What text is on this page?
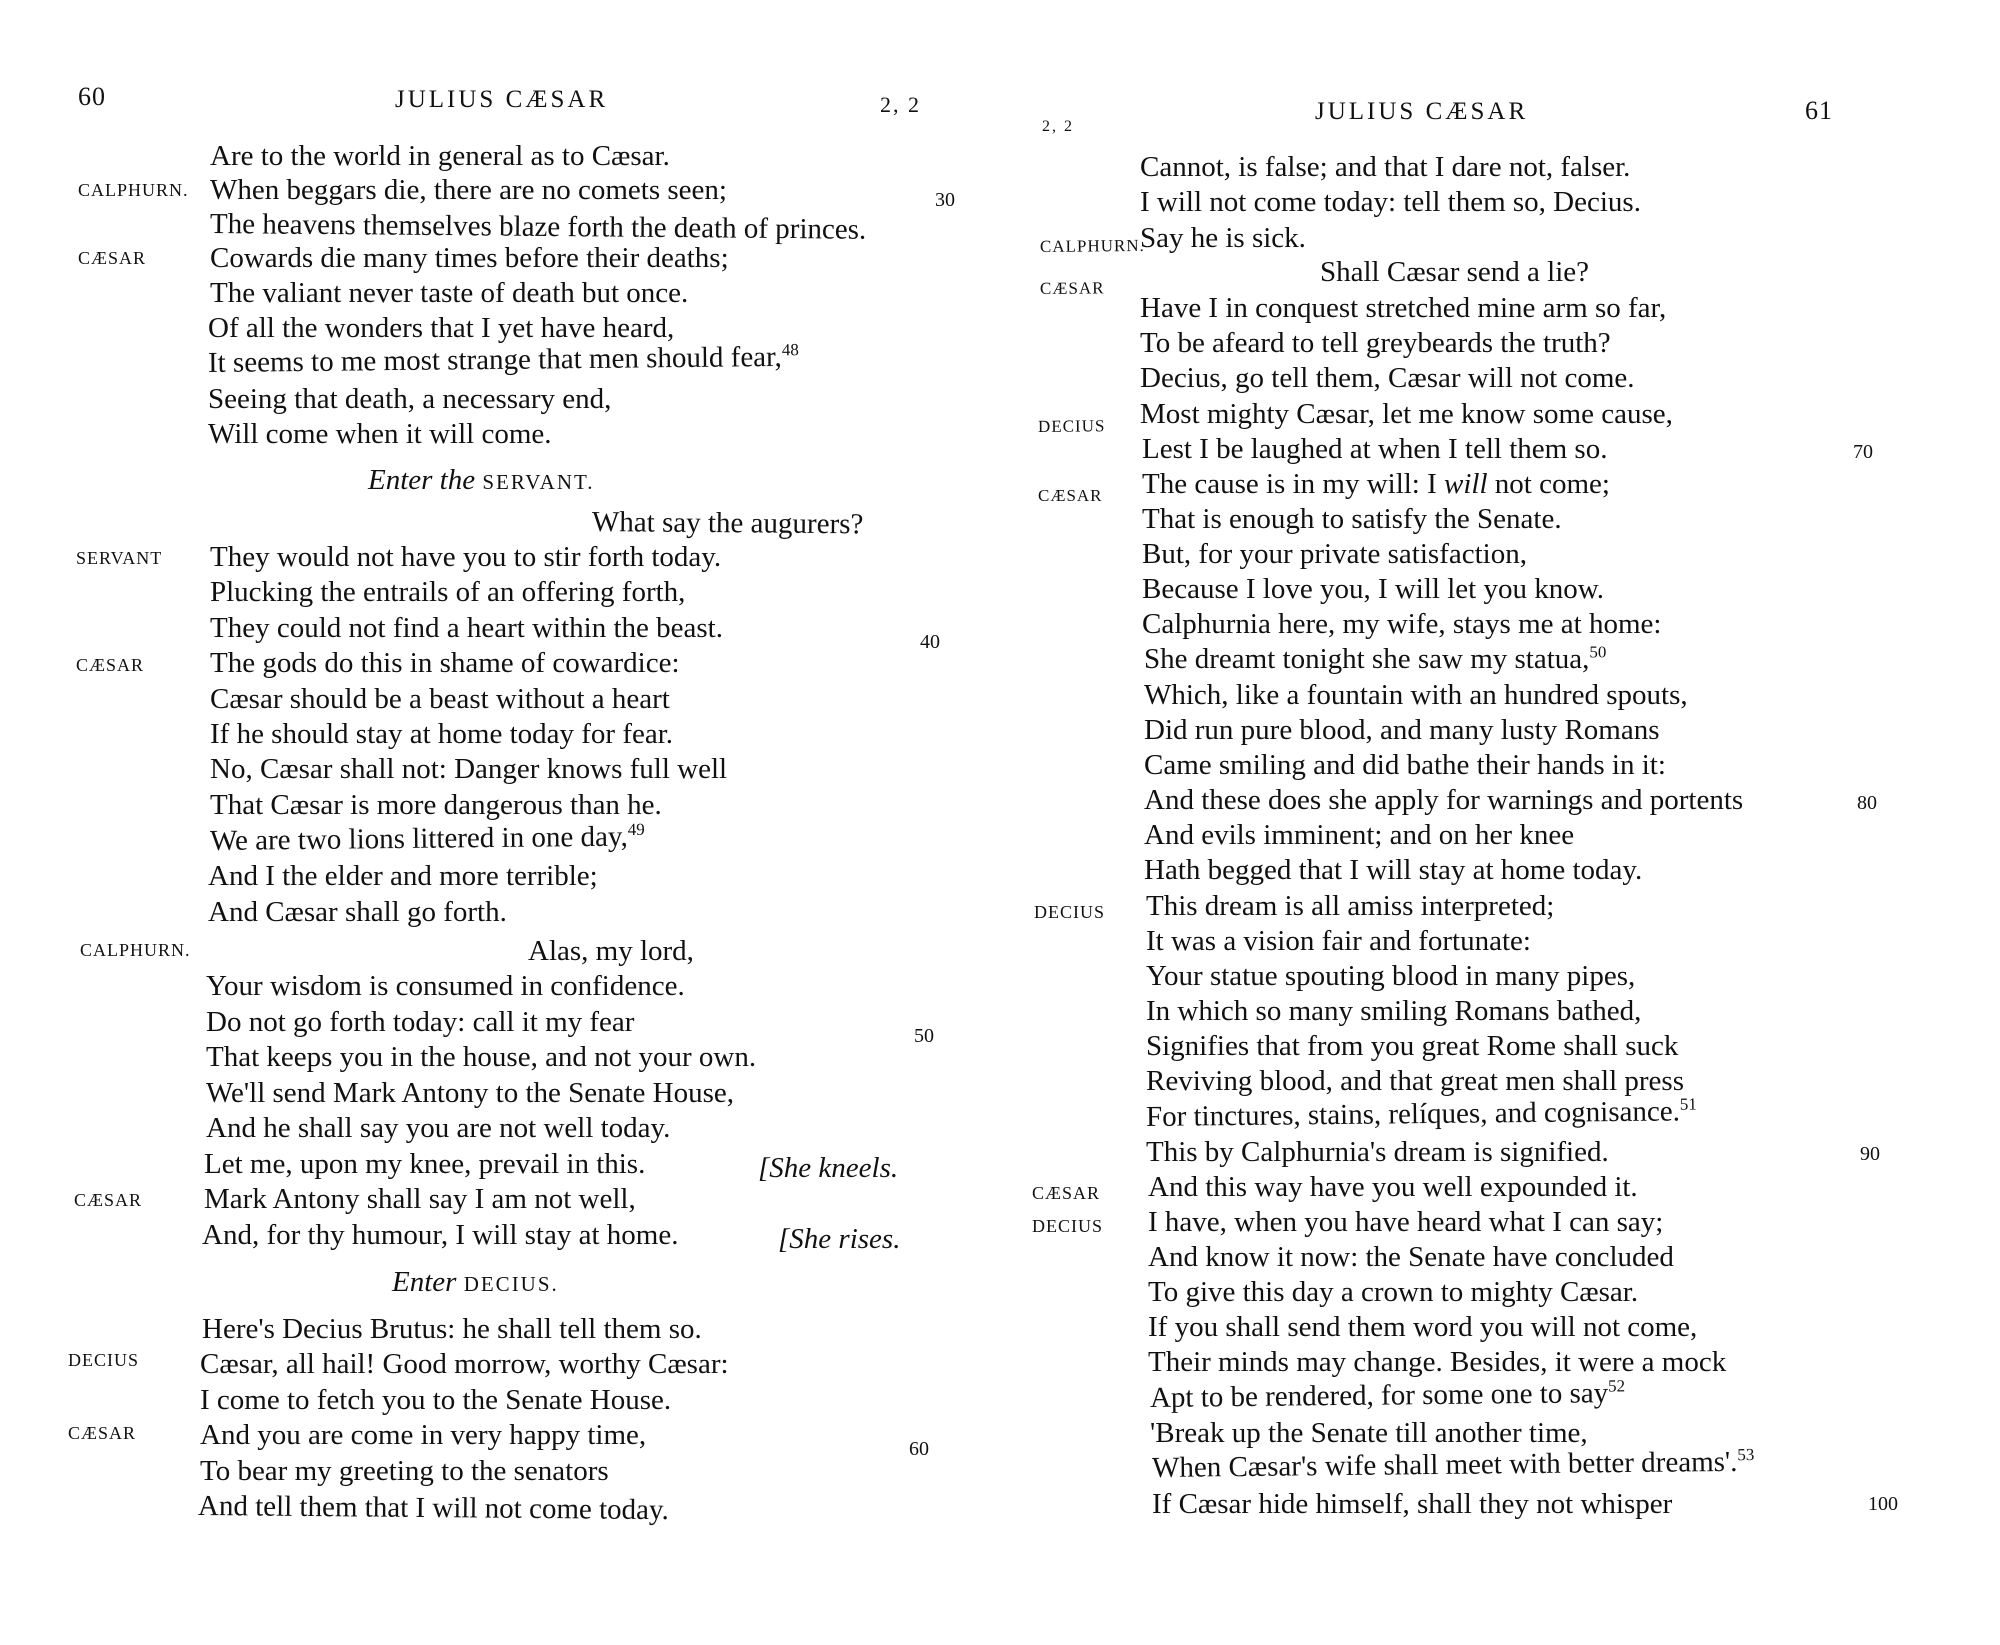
60	JULIUS CÆSAR	2, 2
CALPHURN.
CÆSAR
SERVANT
CÆSAR
CALPHURN.
CÆSAR
DECIUS
CÆSAR
30
40
50
60
Are to the world in general as to Cæsar.
When beggars die, there are no comets seen;
The heavens themselves blaze forth the death of princes.
Cowards die many times before their deaths;
The valiant never taste of death but once.
Of all the wonders that I yet have heard,
It seems to me most strange that men should fear,$^{48}$
Seeing that death, a necessary end,
Will come when it will come.
Enter the SERVANT.
What say the augurers?
They would not have you to stir forth today.
Plucking the entrails of an offering forth,
They could not find a heart within the beast.
The gods do this in shame of cowardice:
Cæsar should be a beast without a heart
If he should stay at home today for fear.
No, Cæsar shall not: Danger knows full well
That Cæsar is more dangerous than he.
We are two lions littered in one day,$^{49}$
And I the elder and more terrible;
And Cæsar shall go forth.
Alas, my lord,
Your wisdom is consumed in confidence.
Do not go forth today: call it my fear
That keeps you in the house, and not your own.
We'll send Mark Antony to the Senate House,
And he shall say you are not well today.
Let me, upon my knee, prevail in this.	[She kneels.
Mark Antony shall say I am not well,
And, for thy humour, I will stay at home.	[She rises.
Enter DECIUS.
Here's Decius Brutus: he shall tell them so.
Cæsar, all hail! Good morrow, worthy Cæsar:
I come to fetch you to the Senate House.
And you are come in very happy time,
To bear my greeting to the senators
And tell them that I will not come today.
2, 2
JULIUS CÆSAR	61
CALPHURN.
CÆSAR
DECIUS
CÆSAR
DECIUS
CÆSAR
DECIUS
70
80
90
100
Cannot, is false; and that I dare not, falser.
I will not come today: tell them so, Decius.
Say he is sick.
Shall Cæsar send a lie?
Have I in conquest stretched mine arm so far,
To be afeard to tell greybeards the truth?
Decius, go tell them, Cæsar will not come.
Most mighty Cæsar, let me know some cause,
Lest I be laughed at when I tell them so.
The cause is in my will: I will not come;
That is enough to satisfy the Senate.
But, for your private satisfaction,
Because I love you, I will let you know.
Calphurnia here, my wife, stays me at home:
She dreamt tonight she saw my statua,$^{50}$
Which, like a fountain with an hundred spouts,
Did run pure blood, and many lusty Romans
Came smiling and did bathe their hands in it:
And these does she apply for warnings and portents
And evils imminent; and on her knee
Hath begged that I will stay at home today.
This dream is all amiss interpreted;
It was a vision fair and fortunate:
Your statue spouting blood in many pipes,
In which so many smiling Romans bathed,
Signifies that from you great Rome shall suck
Reviving blood, and that great men shall press
For tinctures, stains, relíques, and cognisance.$^{51}$
This by Calphurnia's dream is signified.
And this way have you well expounded it.
I have, when you have heard what I can say;
And know it now: the Senate have concluded
To give this day a crown to mighty Cæsar.
If you shall send them word you will not come,
Their minds may change. Besides, it were a mock
Apt to be rendered, for some one to say$^{52}$
'Break up the Senate till another time,
When Cæsar's wife shall meet with better dreams'.$^{53}$
If Cæsar hide himself, shall they not whisper
